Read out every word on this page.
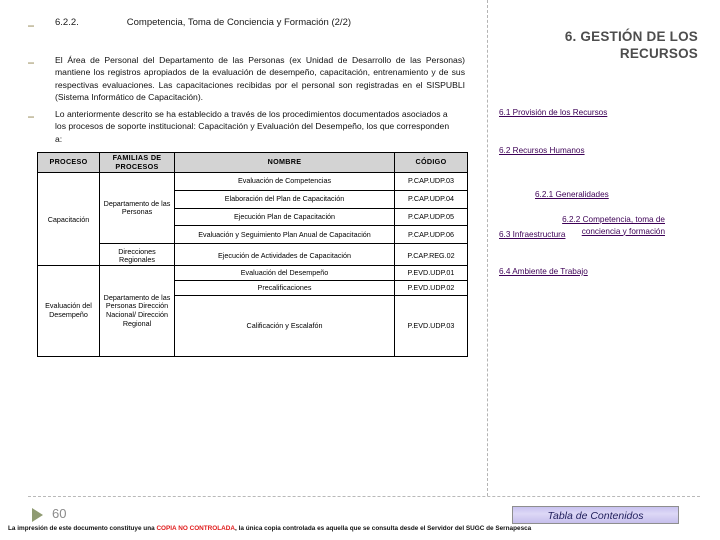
▬
6.2.2.	Competencia, Toma de Conciencia y Formación (2/2)
▬
El Área de Personal del Departamento de las Personas (ex Unidad de Desarrollo de las Personas) mantiene los registros apropiados de la evaluación de desempeño, capacitación, entrenamiento y de sus respectivas evaluaciones. Las capacitaciones recibidas por el personal son registradas en el SISPUBLI (Sistema Informático de Capacitación).
▬
Lo anteriormente descrito se ha establecido a través de los procedimientos documentados asociados a los procesos de soporte institucional: Capacitación y Evaluación del Desempeño, los que corresponden a:
PROCESO	FAMILIAS DE PROCESOS	NOMBRE	CÓDIGO

Capacitación	Departamento de las Personas	Evaluación de Competencias	P.CAP.UDP.03
		Elaboración del Plan de Capacitación	P.CAP.UDP.04
		Ejecución Plan de Capacitación	P.CAP.UDP.05
		Evaluación y Seguimiento Plan Anual de Capacitación	P.CAP.UDP.06
	Direcciones Regionales	Ejecución de Actividades de Capacitación	P.CAP.REG.02
Evaluación del Desempeño	Departamento de las Personas Dirección Nacional/ Dirección Regional	Evaluación del Desempeño	P.EVD.UDP.01
		Precalificaciones	P.EVD.UDP.02
		Calificación y Escalafón	P.EVD.UDP.03
6. GESTIÓN DE LOS
RECURSOS
6.1 Provisión de los Recursos
6.2 Recursos Humanos
6.2.1 Generalidades
6.2.2 Competencia, toma de conciencia y formación
6.3 Infraestructura
6.4 Ambiente de Trabajo
60	Tabla de Contenidos
La impresión de este documento constituye una COPIA NO CONTROLADA, la única copia controlada es aquella que se consulta desde el Servidor del SUGC de Sernapesca
